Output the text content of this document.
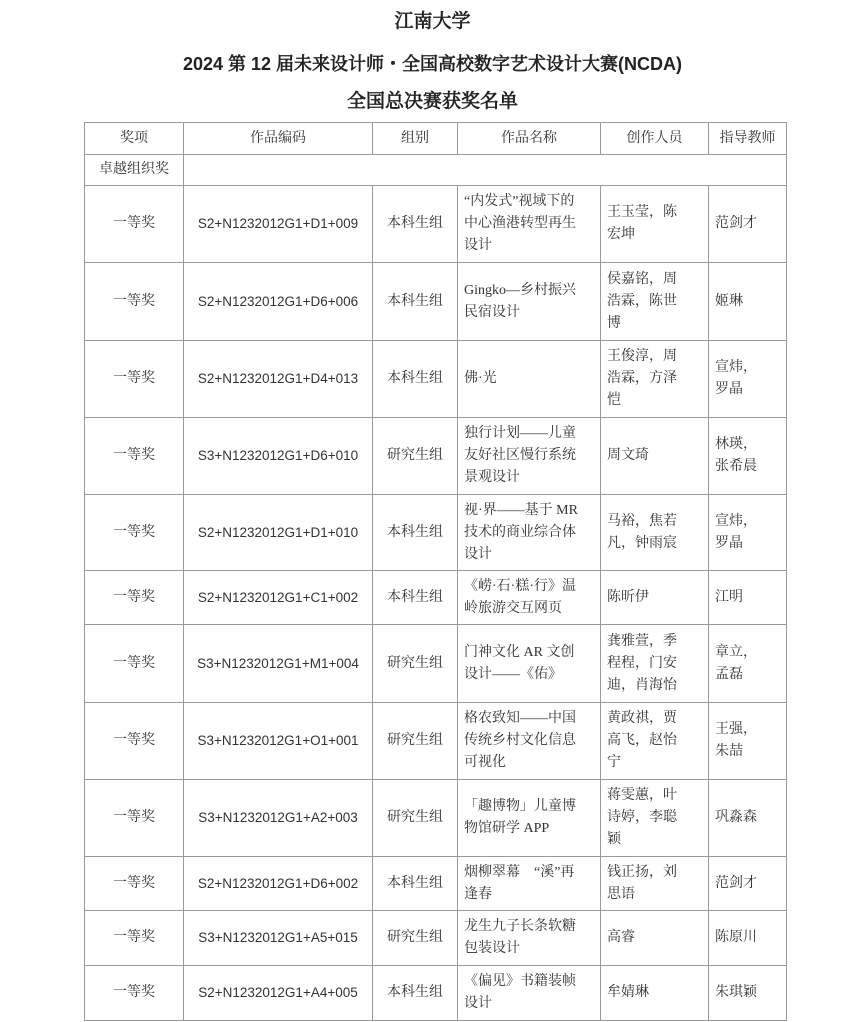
江南大学
2024 第 12 届未来设计师・全国高校数字艺术设计大赛(NCDA)
全国总决赛获奖名单
奖项	作品编码	组别	作品名称	创作人员	指导教师
卓越组织奖					
一等奖	S2+N1232012G1+D1+009	本科生组	“内发式”视域下的
中心渔港转型再生
设计	王玉莹，陈
宏坤	范剑才
一等奖	S2+N1232012G1+D6+006	本科生组	Gingko—乡村振兴
民宿设计	侯嘉铭，周
浩霖，陈世
博	姬琳
一等奖	S2+N1232012G1+D4+013	本科生组	佛·光	王俊淳，周
浩霖，方泽
恺	宣炜，
罗晶
一等奖	S3+N1232012G1+D6+010	研究生组	独行计划——儿童
友好社区慢行系统
景观设计	周文琦	林瑛，
张希晨
一等奖	S2+N1232012G1+D1+010	本科生组	视·界——基于 MR
技术的商业综合体
设计	马裕，焦若
凡，钟雨宸	宣炜，
罗晶
一等奖	S2+N1232012G1+C1+002	本科生组	《崂·石·糕·行》温
岭旅游交互网页	陈昕伊	江明
一等奖	S3+N1232012G1+M1+004	研究生组	门神文化 AR 文创
设计——《佑》	龚雅萱，季
程程，门安
迪，肖海怡	章立，
孟磊
一等奖	S3+N1232012G1+O1+001	研究生组	格农致知——中国
传统乡村文化信息
可视化	黄政祺，贾
高飞，赵怡
宁	王强，
朱喆
一等奖	S3+N1232012G1+A2+003	研究生组	「趣博物」儿童博
物馆研学 APP	蒋雯蕙，叶
诗婷，李聪
颖	巩淼森
一等奖	S2+N1232012G1+D6+002	本科生组	烟柳翠幕　“溪”再
逢春	钱正扬，刘
思语	范剑才
一等奖	S3+N1232012G1+A5+015	研究生组	龙生九子长条软糖
包装设计	高睿	陈原川
一等奖	S2+N1232012G1+A4+005	本科生组	《偏见》书籍装帧
设计	牟婧琳	朱琪颖
